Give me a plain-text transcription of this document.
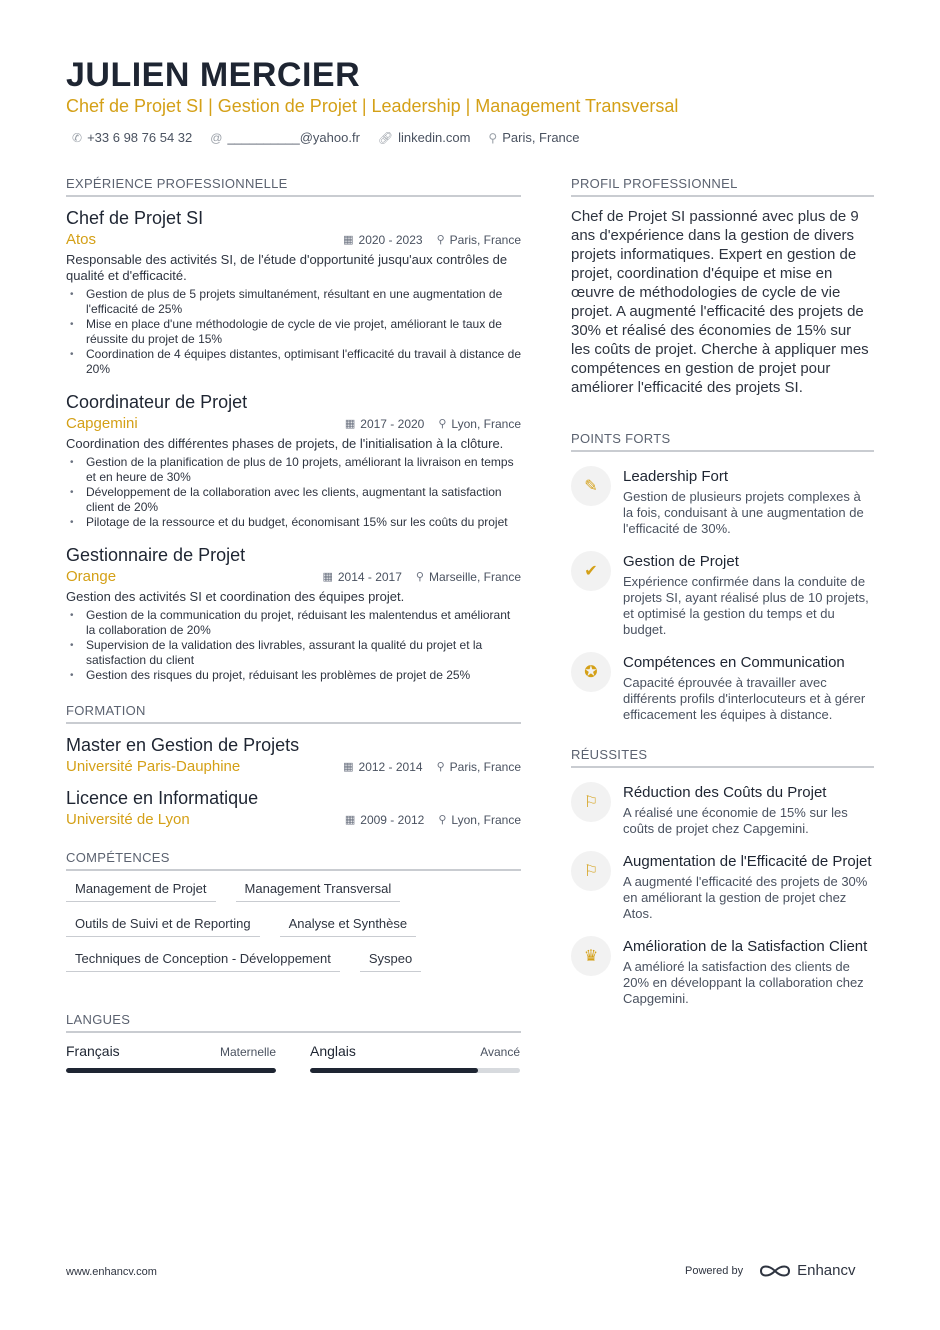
JULIEN MERCIER
Chef de Projet SI | Gestion de Projet | Leadership | Management Transversal
✆ +33 6 98 76 54 32 @ __________@yahoo.fr 🔗︎ linkedin.com ⚲ Paris, France
EXPÉRIENCE PROFESSIONNELLE
Chef de Projet SI
Atos	▦ 2020 - 2023 ⚲ Paris, France
Responsable des activités SI, de l'étude d'opportunité jusqu'aux contrôles de qualité et d'efficacité.
• Gestion de plus de 5 projets simultanément, résultant en une augmentation de l'efficacité de 25%
• Mise en place d'une méthodologie de cycle de vie projet, améliorant le taux de réussite du projet de 15%
• Coordination de 4 équipes distantes, optimisant l'efficacité du travail à distance de 20%
Coordinateur de Projet
Capgemini	▦ 2017 - 2020 ⚲ Lyon, France
Coordination des différentes phases de projets, de l'initialisation à la clôture.
• Gestion de la planification de plus de 10 projets, améliorant la livraison en temps et en heure de 30%
• Développement de la collaboration avec les clients, augmentant la satisfaction client de 20%
• Pilotage de la ressource et du budget, économisant 15% sur les coûts du projet
Gestionnaire de Projet
Orange	▦ 2014 - 2017 ⚲ Marseille, France
Gestion des activités SI et coordination des équipes projet.
• Gestion de la communication du projet, réduisant les malentendus et améliorant la collaboration de 20%
• Supervision de la validation des livrables, assurant la qualité du projet et la satisfaction du client
• Gestion des risques du projet, réduisant les problèmes de projet de 25%
FORMATION
Master en Gestion de Projets
Université Paris-Dauphine	▦ 2012 - 2014 ⚲ Paris, France
Licence en Informatique
Université de Lyon	▦ 2009 - 2012 ⚲ Lyon, France
COMPÉTENCES
Management de Projet	Management Transversal
Outils de Suivi et de Reporting	Analyse et Synthèse
Techniques de Conception - Développement	Syspeo
LANGUES
Français	Maternelle Anglais	Avancé
PROFIL PROFESSIONNEL
Chef de Projet SI passionné avec plus de 9 ans d'expérience dans la gestion de divers projets informatiques. Expert en gestion de projet, coordination d'équipe et mise en œuvre de méthodologies de cycle de vie projet. A augmenté l'efficacité des projets de 30% et réalisé des économies de 15% sur les coûts de projet. Cherche à appliquer mes compétences en gestion de projet pour améliorer l'efficacité des projets SI.
POINTS FORTS
✎
Leadership Fort
Gestion de plusieurs projets complexes à la fois, conduisant à une augmentation de l'efficacité de 30%.
✔
Gestion de Projet
Expérience confirmée dans la conduite de projets SI, ayant réalisé plus de 10 projets, et optimisé la gestion du temps et du budget.
✪
Compétences en Communication
Capacité éprouvée à travailler avec différents profils d'interlocuteurs et à gérer efficacement les équipes à distance.
RÉUSSITES
⚐
Réduction des Coûts du Projet
A réalisé une économie de 15% sur les coûts de projet chez Capgemini.
⚐
Augmentation de l'Efficacité de Projet
A augmenté l'efficacité des projets de 30% en améliorant la gestion de projet chez Atos.
♛
Amélioration de la Satisfaction Client
A amélioré la satisfaction des clients de 20% en développant la collaboration chez Capgemini.
www.enhancv.com	Powered by	Enhancv
